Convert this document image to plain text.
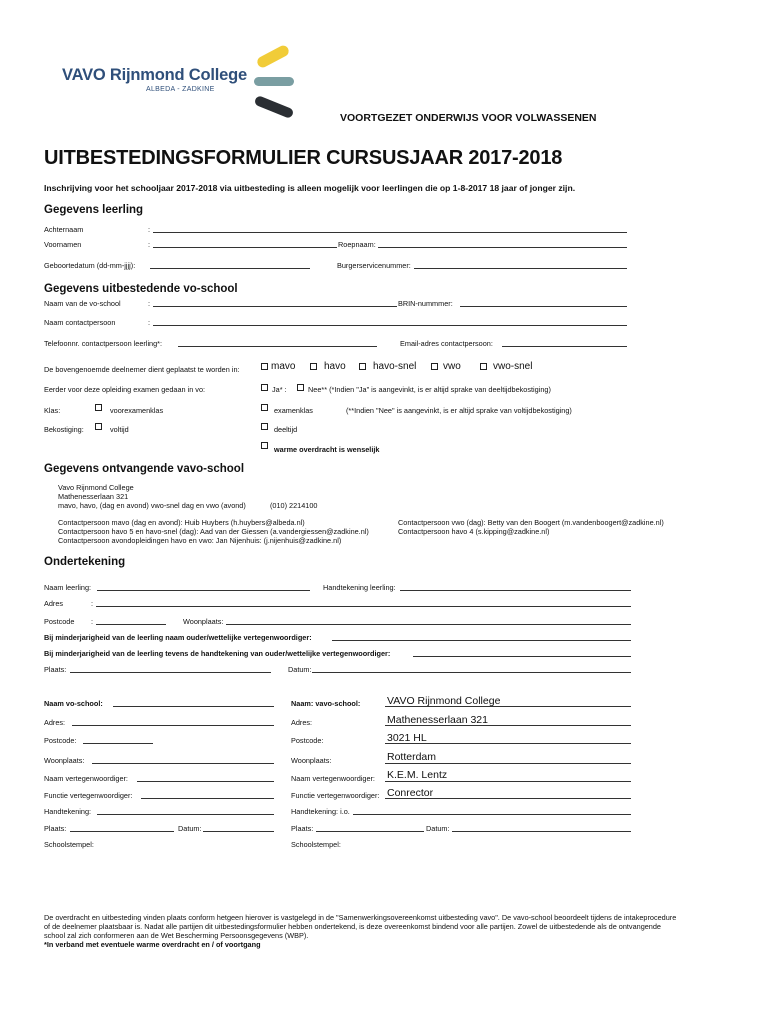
VAVO Rijnmond College
ALBEDA - ZADKINE
VOORTGEZET ONDERWIJS VOOR VOLWASSENEN
UITBESTEDINGSFORMULIER CURSUSJAAR 2017-2018
Inschrijving voor het schooljaar 2017-2018 via uitbesteding is alleen mogelijk voor leerlingen die op 1-8-2017 18 jaar of jonger zijn.
Gegevens leerling
Achternaam	:
Voornamen	:	Roepnaam:
Geboortedatum (dd-mm-jjjj):	Burgerservicenummer:
Gegevens uitbestedende vo-school
Naam van de vo-school	:	BRIN-nummmer:
Naam contactpersoon	:
Telefoonnr. contactpersoon leerling*:	Email-adres contactpersoon:
De bovengenoemde deelnemer dient geplaatst te worden in:	mavo	havo	havo-snel	vwo	vwo-snel
Eerder voor deze opleiding examen gedaan in vo:	Ja* :	Nee** (*Indien "Ja" is aangevinkt, is er altijd sprake van deeltijdbekostiging)
Klas:	voorexamenklas	examenklas	(**Indien "Nee" is aangevinkt, is er altijd sprake van voltijdbekostiging)
Bekostiging:	voltijd	deeltijd
warme overdracht is wenselijk
Gegevens ontvangende vavo-school
Vavo Rijnmond College
Mathenesserlaan 321
mavo, havo, (dag en avond) vwo-snel dag en vwo (avond)	(010) 2214100
Contactpersoon mavo (dag en avond): Huib Huybers (h.huybers@albeda.nl)
Contactpersoon havo 5 en havo-snel (dag): Aad van der Giessen (a.vandergiessen@zadkine.nl)
Contactpersoon avondopleidingen havo en vwo: Jan Nijenhuis: (j.nijenhuis@zadkine.nl)
Contactpersoon vwo (dag): Betty van den Boogert (m.vandenboogert@zadkine.nl)
Contactpersoon havo 4 (s.kipping@zadkine.nl)
Ondertekening
Naam leerling:	Handtekening leerling:
Adres	:
Postcode :	Woonplaats:
Bij minderjarigheid van de leerling naam ouder/wettelijke vertegenwoordiger:
Bij minderjarigheid van de leerling tevens de handtekening van ouder/wettelijke vertegenwoordiger:
Plaats:	Datum:
Naam vo-school:
Adres:
Postcode:
Woonplaats:
Naam vertegenwoordiger:
Functie vertegenwoordiger:
Handtekening:
Plaats:	Datum:
Schoolstempel:
Naam: vavo-school:	VAVO Rijnmond College
Adres:	Mathenesserlaan 321
Postcode:	3021 HL
Woonplaats:	Rotterdam
Naam vertegenwoordiger: K.E.M. Lentz
Functie vertegenwoordiger: Conrector
Handtekening: i.o.
Plaats:	Datum:
Schoolstempel:
De overdracht en uitbesteding vinden plaats conform hetgeen hierover is vastgelegd in de "Samenwerkingsovereenkomst uitbesteding vavo". De vavo-school beoordeelt tijdens de intakeprocedure
of de deelnemer plaatsbaar is. Nadat alle partijen dit uitbestedingsformulier hebben ondertekend, is deze overeenkomst bindend voor alle partijen. Zowel de uitbestedende als de ontvangende
school zal zich conformeren aan de Wet Bescherming Persoonsgegevens (WBP).
*In verband met eventuele warme overdracht en / of voortgang
